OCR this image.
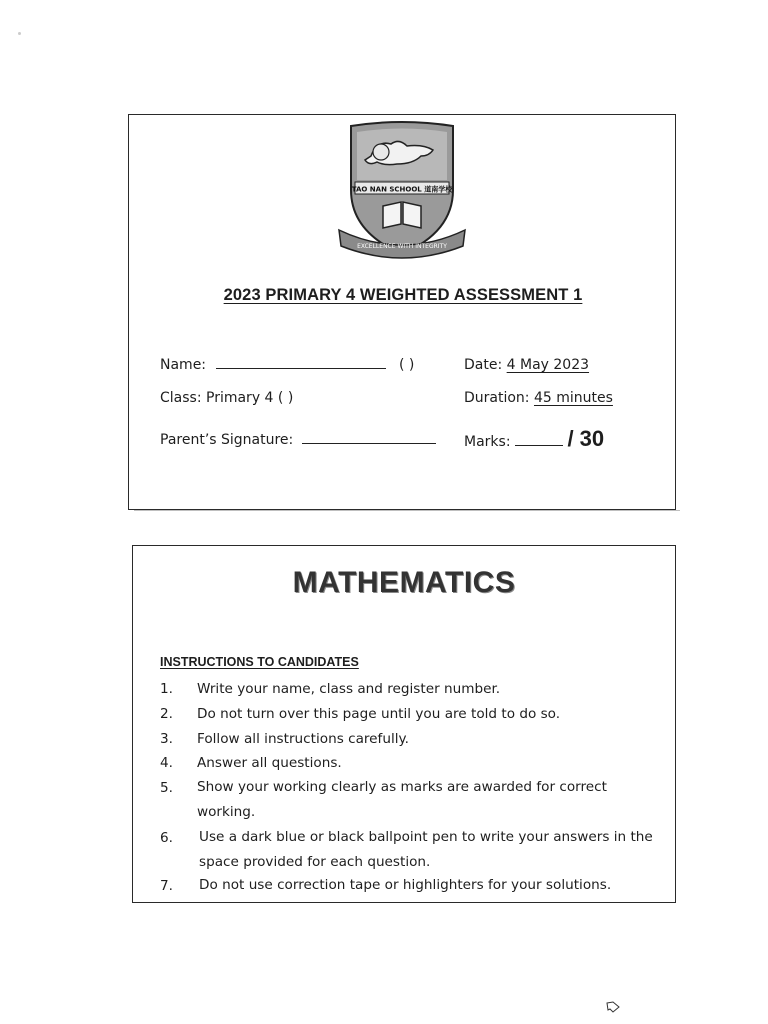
TAO NAN SCHOOL 道南学校
EXCELLENCE WITH INTEGRITY
2023 PRIMARY 4 WEIGHTED ASSESSMENT 1
Name:	( )
Class: Primary 4 ( )
Parent’s Signature:
Date: 4 May 2023
Duration: 45 minutes
Marks:	/ 30
MATHEMATICS
INSTRUCTIONS TO CANDIDATES
1. Write your name, class and register number.
2. Do not turn over this page until you are told to do so.
3. Follow all instructions carefully.
4. Answer all questions.
5. Show your working clearly as marks are awarded for correct
working.
6. Use a dark blue or black ballpoint pen to write your answers in the
space provided for each question.
7. Do not use correction tape or highlighters for your solutions.
